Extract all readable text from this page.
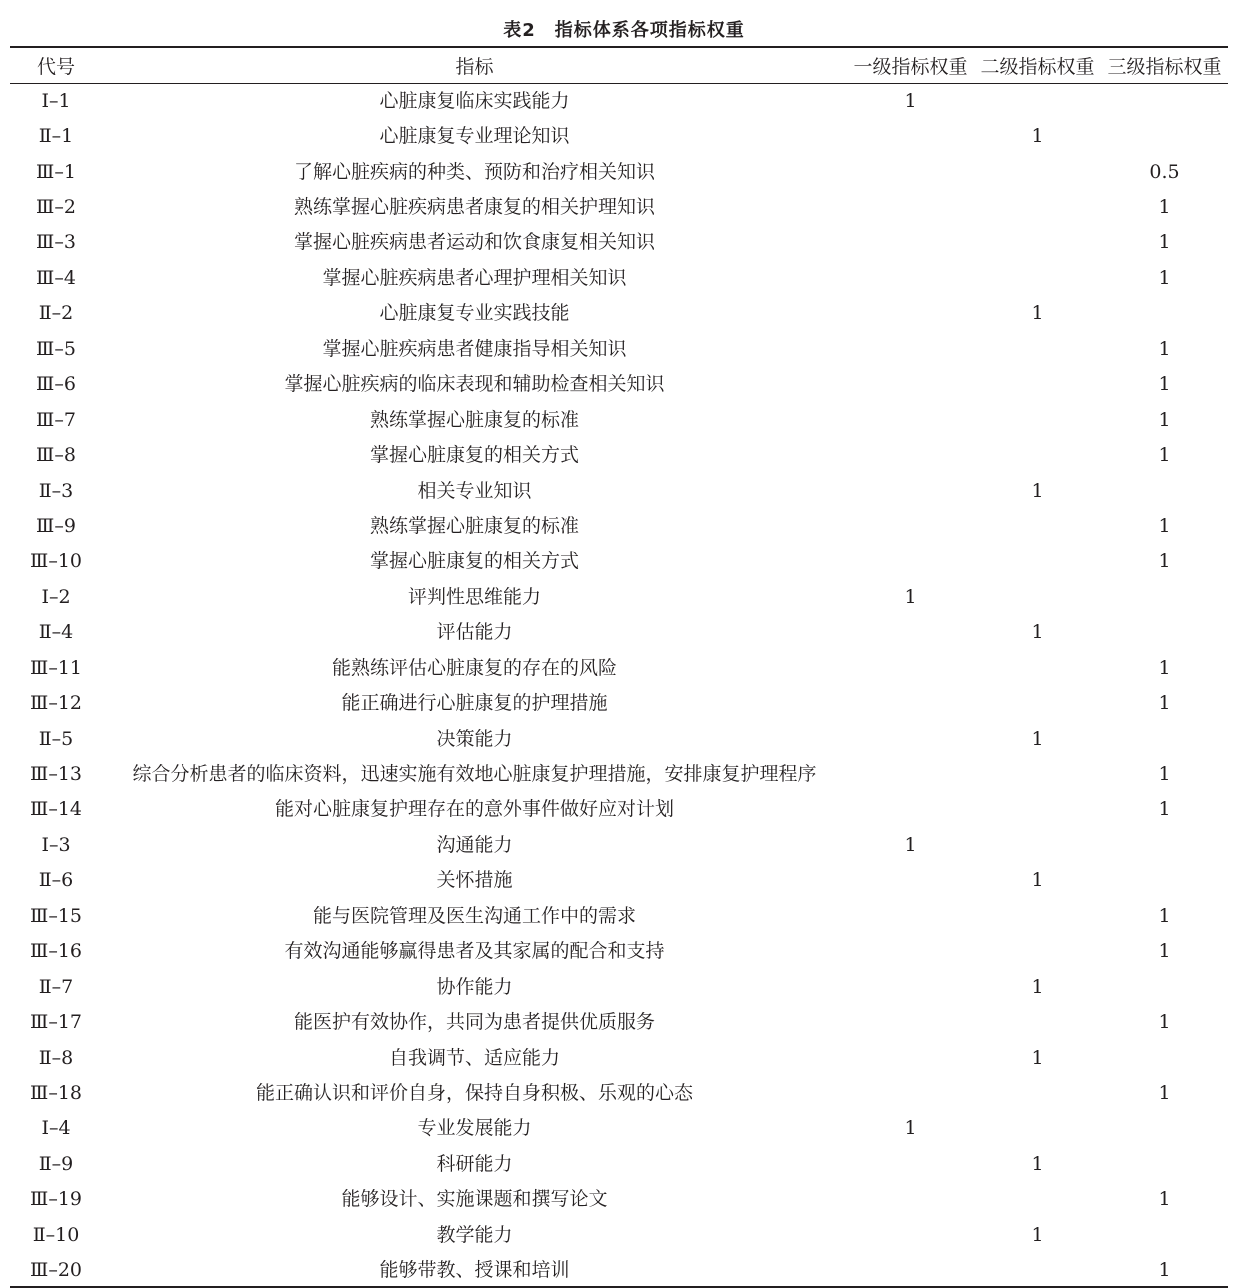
表2　指标体系各项指标权重
代号	指标	一级指标权重	二级指标权重	三级指标权重
Ⅰ–1	心脏康复临床实践能力	1		
Ⅱ–1	心脏康复专业理论知识		1	
Ⅲ–1	了解心脏疾病的种类、预防和治疗相关知识			0.5
Ⅲ–2	熟练掌握心脏疾病患者康复的相关护理知识			1
Ⅲ–3	掌握心脏疾病患者运动和饮食康复相关知识			1
Ⅲ–4	掌握心脏疾病患者心理护理相关知识			1
Ⅱ–2	心脏康复专业实践技能		1	
Ⅲ–5	掌握心脏疾病患者健康指导相关知识			1
Ⅲ–6	掌握心脏疾病的临床表现和辅助检查相关知识			1
Ⅲ–7	熟练掌握心脏康复的标准			1
Ⅲ–8	掌握心脏康复的相关方式			1
Ⅱ–3	相关专业知识		1	
Ⅲ–9	熟练掌握心脏康复的标准			1
Ⅲ–10	掌握心脏康复的相关方式			1
Ⅰ–2	评判性思维能力	1		
Ⅱ–4	评估能力		1	
Ⅲ–11	能熟练评估心脏康复的存在的风险			1
Ⅲ–12	能正确进行心脏康复的护理措施			1
Ⅱ–5	决策能力		1	
Ⅲ–13	综合分析患者的临床资料，迅速实施有效地心脏康复护理措施，安排康复护理程序			1
Ⅲ–14	能对心脏康复护理存在的意外事件做好应对计划			1
Ⅰ–3	沟通能力	1		
Ⅱ–6	关怀措施		1	
Ⅲ–15	能与医院管理及医生沟通工作中的需求			1
Ⅲ–16	有效沟通能够赢得患者及其家属的配合和支持			1
Ⅱ–7	协作能力		1	
Ⅲ–17	能医护有效协作，共同为患者提供优质服务			1
Ⅱ–8	自我调节、适应能力		1	
Ⅲ–18	能正确认识和评价自身，保持自身积极、乐观的心态			1
Ⅰ–4	专业发展能力	1		
Ⅱ–9	科研能力		1	
Ⅲ–19	能够设计、实施课题和撰写论文			1
Ⅱ–10	教学能力		1	
Ⅲ–20	能够带教、授课和培训			1
